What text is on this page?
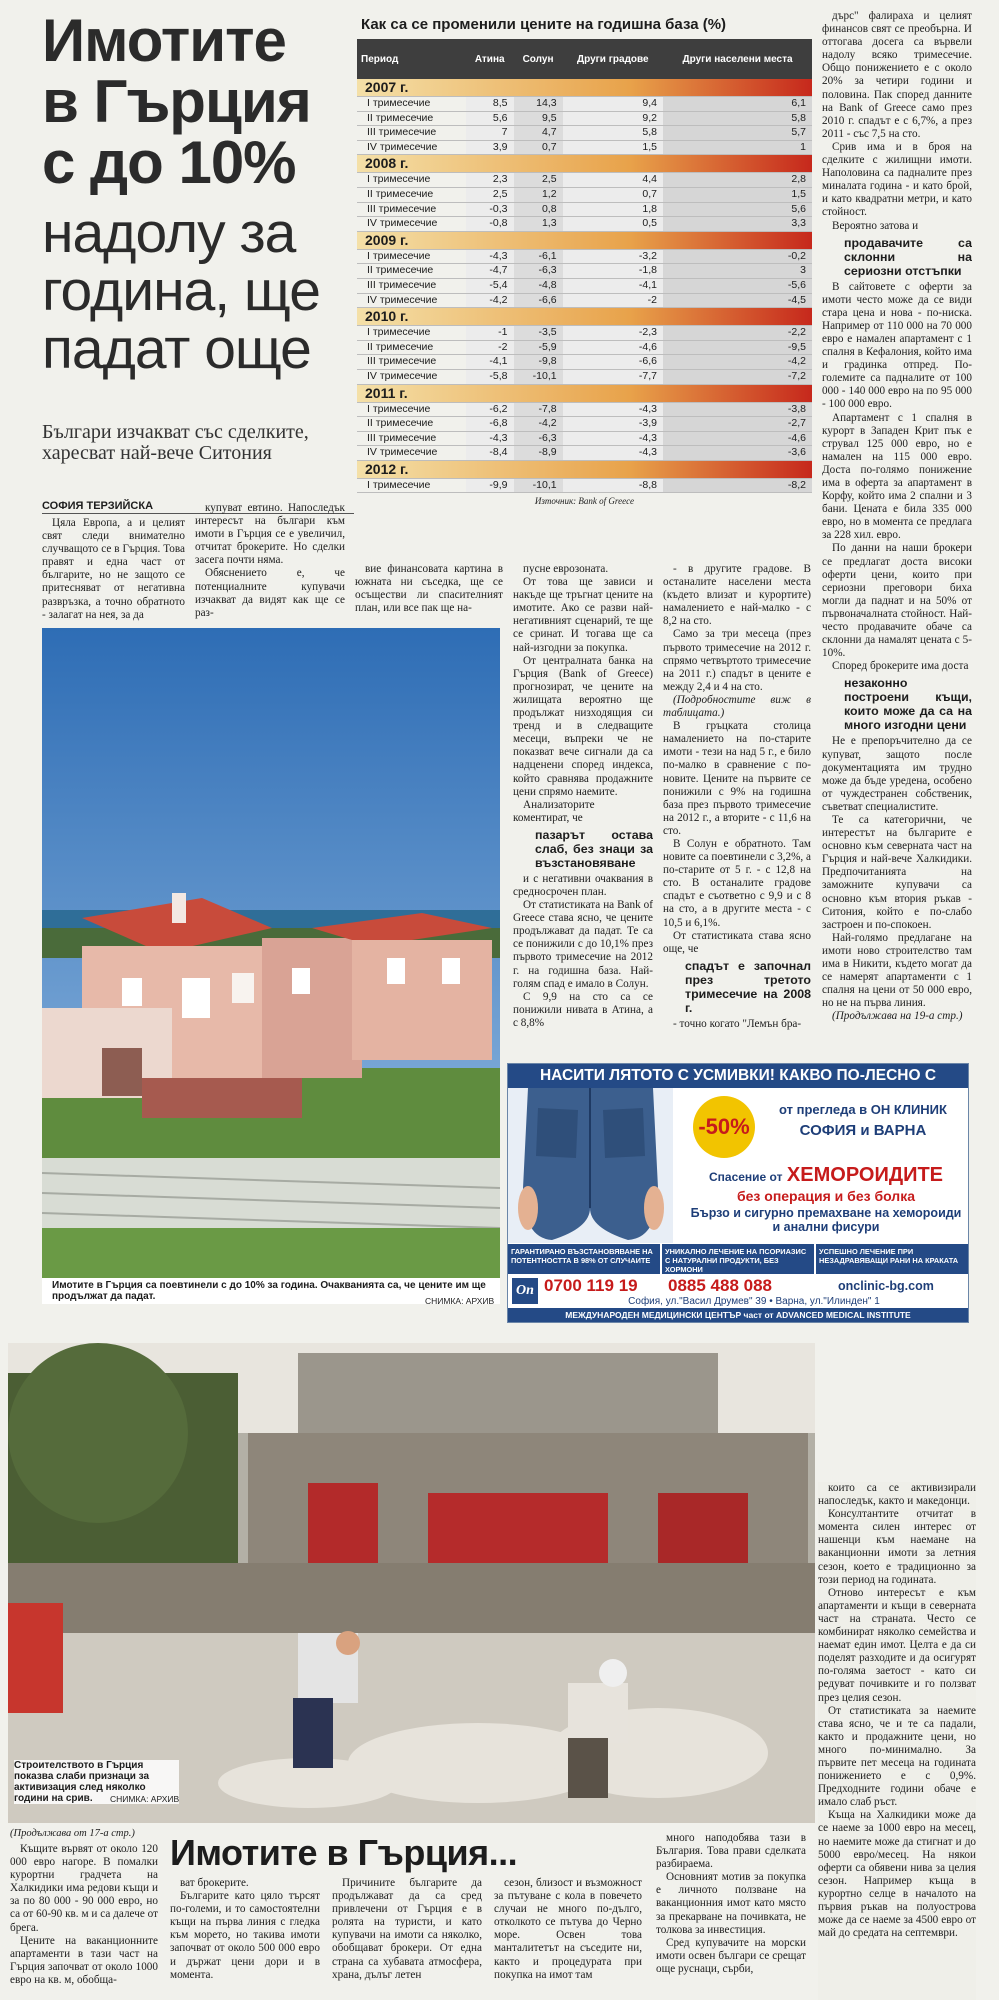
Имотите
в Гърция
с до 10%
надолу за
година, ще
падат още
Българи изчакват със сделките, харесват най-вече Ситония
СОФИЯ ТЕРЗИЙСКА
Как са се променили цените на годишна база (%)
Период	Атина	Солун	Други градове	Други населени места
2007 г.				
I тримесечие	8,5	14,3	9,4	6,1
II тримесечие	5,6	9,5	9,2	5,8
III тримесечие	7	4,7	5,8	5,7
IV тримесечие	3,9	0,7	1,5	1
2008 г.				
I тримесечие	2,3	2,5	4,4	2,8
II тримесечие	2,5	1,2	0,7	1,5
III тримесечие	-0,3	0,8	1,8	5,6
IV тримесечие	-0,8	1,3	0,5	3,3
2009 г.				
I тримесечие	-4,3	-6,1	-3,2	-0,2
II тримесечие	-4,7	-6,3	-1,8	3
III тримесечие	-5,4	-4,8	-4,1	-5,6
IV тримесечие	-4,2	-6,6	-2	-4,5
2010 г.				
I тримесечие	-1	-3,5	-2,3	-2,2
II тримесечие	-2	-5,9	-4,6	-9,5
III тримесечие	-4,1	-9,8	-6,6	-4,2
IV тримесечие	-5,8	-10,1	-7,7	-7,2
2011 г.				
I тримесечие	-6,2	-7,8	-4,3	-3,8
II тримесечие	-6,8	-4,2	-3,9	-2,7
III тримесечие	-4,3	-6,3	-4,3	-4,6
IV тримесечие	-8,4	-8,9	-4,3	-3,6
2012 г.				
I тримесечие	-9,9	-10,1	-8,8	-8,2
Източник: Bank of Greece

Цяла Европа, а и целият свят следи внимателно случващото се в Гърция. Това правят и една част от българите, но не защото се притесняват от негативна развръзка, а точно обратното - залагат на нея, за да

купуват евтино. Напоследък интересът на българи към имоти в Гърция се е увеличил, отчитат брокерите. Но сделки засега почти няма.

Обяснението е, че потенциалните купувачи изчакват да видят как ще се раз-

вие финансовата картина в южната ни съседка, ще се осъществи ли спасителният план, или все пак ще на-

пусне еврозоната.

От това ще зависи и накъде ще тръгнат цените на имотите. Ако се разви най-негативният сценарий, те ще се сринат. И тогава ще са най-изгодни за покупка.

От централната банка на Гърция (Bank of Greece) прогнозират, че цените на жилищата вероятно ще продължат низходящия си тренд и в следващите месеци, въпреки че не показват вече сигнали да са надценени според индекса, който сравнява продажните цени спрямо наемите.

Анализаторите коментират, че

пазарът остава слаб, без знаци за възстановяване

и с негативни очаквания в средносрочен план.

От статистиката на Bank of Greece става ясно, че цените продължават да падат. Те са се понижили с до 10,1% през първото тримесечие на 2012 г. на годишна база. Най-голям спад е имало в Солун.

С 9,9 на сто са се понижили нивата в Атина, а с 8,8%

- в другите градове. В останалите населени места (където влизат и курортите) намалението е най-малко - с 8,2 на сто.

Само за три месеца (през първото тримесечие на 2012 г. спрямо четвъртото тримесечие на 2011 г.) спадът в цените е между 2,4 и 4 на сто.

(Подробностите виж в таблицата.)

В гръцката столица намалението на по-старите имоти - тези на над 5 г., е било по-малко в сравнение с по-новите. Цените на първите се понижили с 9% на годишна база през първото тримесечие на 2012 г., а вторите - с 11,6 на сто.

В Солун е обратното. Там новите са поевтинели с 3,2%, а по-старите от 5 г. - с 12,8 на сто. В останалите градове спадът е съответно с 9,9 и с 8 на сто, а в другите места - с 10,5 и 6,1%.

От статистиката става ясно още, че

спадът е започнал през третото тримесечие на 2008 г.

- точно когато "Лемън бра-

дърс" фалираха и целият финансов свят се преобърна. И оттогава досега са вървели надолу всяко тримесечие. Общо понижението е с около 20% за четири години и половина. Пак според данните на Bank of Greece само през 2010 г. спадът е с 6,7%, а през 2011 - със 7,5 на сто.

Срив има и в броя на сделките с жилищни имоти. Наполовина са падналите през миналата година - и като брой, и като квадратни метри, и като стойност.

Вероятно затова и

продавачите са склонни на сериозни отстъпки

В сайтовете с оферти за имоти често може да се види стара цена и нова - по-ниска. Например от 110 000 на 70 000 евро е намален апартамент с 1 спалня в Кефалония, който има и градинка отпред. По-големите са падналите от 100 000 - 140 000 евро на по 95 000 - 100 000 евро.

Апартамент с 1 спалня в курорт в Западен Крит пък е струвал 125 000 евро, но е намален на 115 000 евро. Доста по-голямо понижение има в оферта за апартамент в Корфу, който има 2 спални и 3 бани. Цената е била 335 000 евро, но в момента се предлага за 228 хил. евро.

По данни на наши брокери се предлагат доста високи оферти цени, които при сериозни преговори биха могли да паднат и на 50% от първоначалната стойност. Най-често продавачите обаче са склонни да намалят цената с 5-10%.

Според брокерите има доста

незаконно построени къщи, които може да са на много изгодни цени

Не е препоръчително да се купуват, защото после документацията им трудно може да бъде уредена, особено от чуждестранен собственик, съветват специалистите.

Те са категорични, че интерестът на българите е основно към северната част на Гърция и най-вече Халкидики. Предпочитанията на заможните купувачи са основно към втория ръкав - Ситония, който е по-слабо застроен и по-спокоен.

Най-голямо предлагане на имоти ново строителство там има в Никити, където могат да се намерят апартаменти с 1 спалня на цени от 50 000 евро, но не на първа линия.

(Продължава на 19-а стр.)

Имотите в Гърция са поевтинели с до 10% за година. Очакванията са, че цените им ще продължат да падат.	СНИМКА: АРХИВ
НАСИТИ ЛЯТОТО С УСМИВКИ! КАКВО ПО-ЛЕСНО С
-50%
от прегледа в ОН КЛИНИК
СОФИЯ и ВАРНА
Спасение от ХЕМОРОИДИТЕ
без операция и без болка
Бързо и сигурно премахване на хемороиди и анални фисури
ГАРАНТИРАНО ВЪЗСТАНОВЯВАНЕ НА ПОТЕНТНОСТТА В 98% ОТ СЛУЧАИТЕ
УНИКАЛНО ЛЕЧЕНИЕ НА ПСОРИАЗИС С НАТУРАЛНИ ПРОДУКТИ, БЕЗ ХОРМОНИ
УСПЕШНО ЛЕЧЕНИЕ ПРИ НЕЗАДРАВЯВАЩИ РАНИ НА КРАКАТА
On 0700 119 19 0885 488 088	onclinic-bg.com
София, ул."Васил Друмев" 39 • Варна, ул."Илинден" 1
МЕЖДУНАРОДЕН МЕДИЦИНСКИ ЦЕНТЪР част от ADVANCED MEDICAL INSTITUTE
Строителството в Гърция показва слаби признаци за активизация след няколко години на срив.	СНИМКА: АРХИВ

които са се активизирали напоследък, както и македонци.

Консултантите отчитат в момента силен интерес от нашенци към наемане на ваканционни имоти за летния сезон, което е традиционно за този период на годината.

Отново интересът е към апартаменти и къщи в северната част на страната. Често се комбинират няколко семейства и наемат един имот. Целта е да си поделят разходите и да осигурят по-голяма заетост - като си редуват почивките и го ползват през целия сезон.

От статистиката за наемите става ясно, че и те са падали, както и продажните цени, но много по-минимално. За първите пет месеца на годината понижението е с 0,9%. Предходните години обаче е имало слаб ръст.

Къща на Халкидики може да се наеме за 1000 евро на месец, но наемите може да стигнат и до 5000 евро/месец. На някои оферти са обявени нива за целия сезон. Например къща в курортно селце в началото на първия ръкав на полуострова може да се наеме за 4500 евро от май до средата на септември.

(Продължава от 17-а стр.) Имотите в Гърция...

Къщите вървят от около 120 000 евро нагоре. В помалки курортни градчета на Халкидики има редови къщи и за по 80 000 - 90 000 евро, но са от 60-90 кв. м и са далече от брега.

Цените на ваканционните апартаменти в тази част на Гърция започват от около 1000 евро на кв. м, обобща-

ват брокерите.

Българите като цяло търсят по-големи, и то самостоятелни къщи на първа линия с гледка към морето, но такива имоти започват от около 500 000 евро и държат цени дори и в момента.

Причините българите да продължават да са сред привлечени от Гърция е в ролята на туристи, и като купувачи на имоти са няколко, обобщават брокери. От една страна са хубавата атмосфера, храна, дълъг летен

сезон, близост и възможност за пътуване с кола в повечето случаи не много по-дълго, отколкото се пътува до Черно море. Освен това манталитетът на съседите ни, както и процедурата при покупка на имот там

много наподобява тази в България. Това прави сделката разбираема.

Основният мотив за покупка е личното ползване на ваканционния имот като място за прекарване на почивката, не толкова за инвестиция.

Сред купувачите на морски имоти освен българи се срещат още руснаци, сърби,
